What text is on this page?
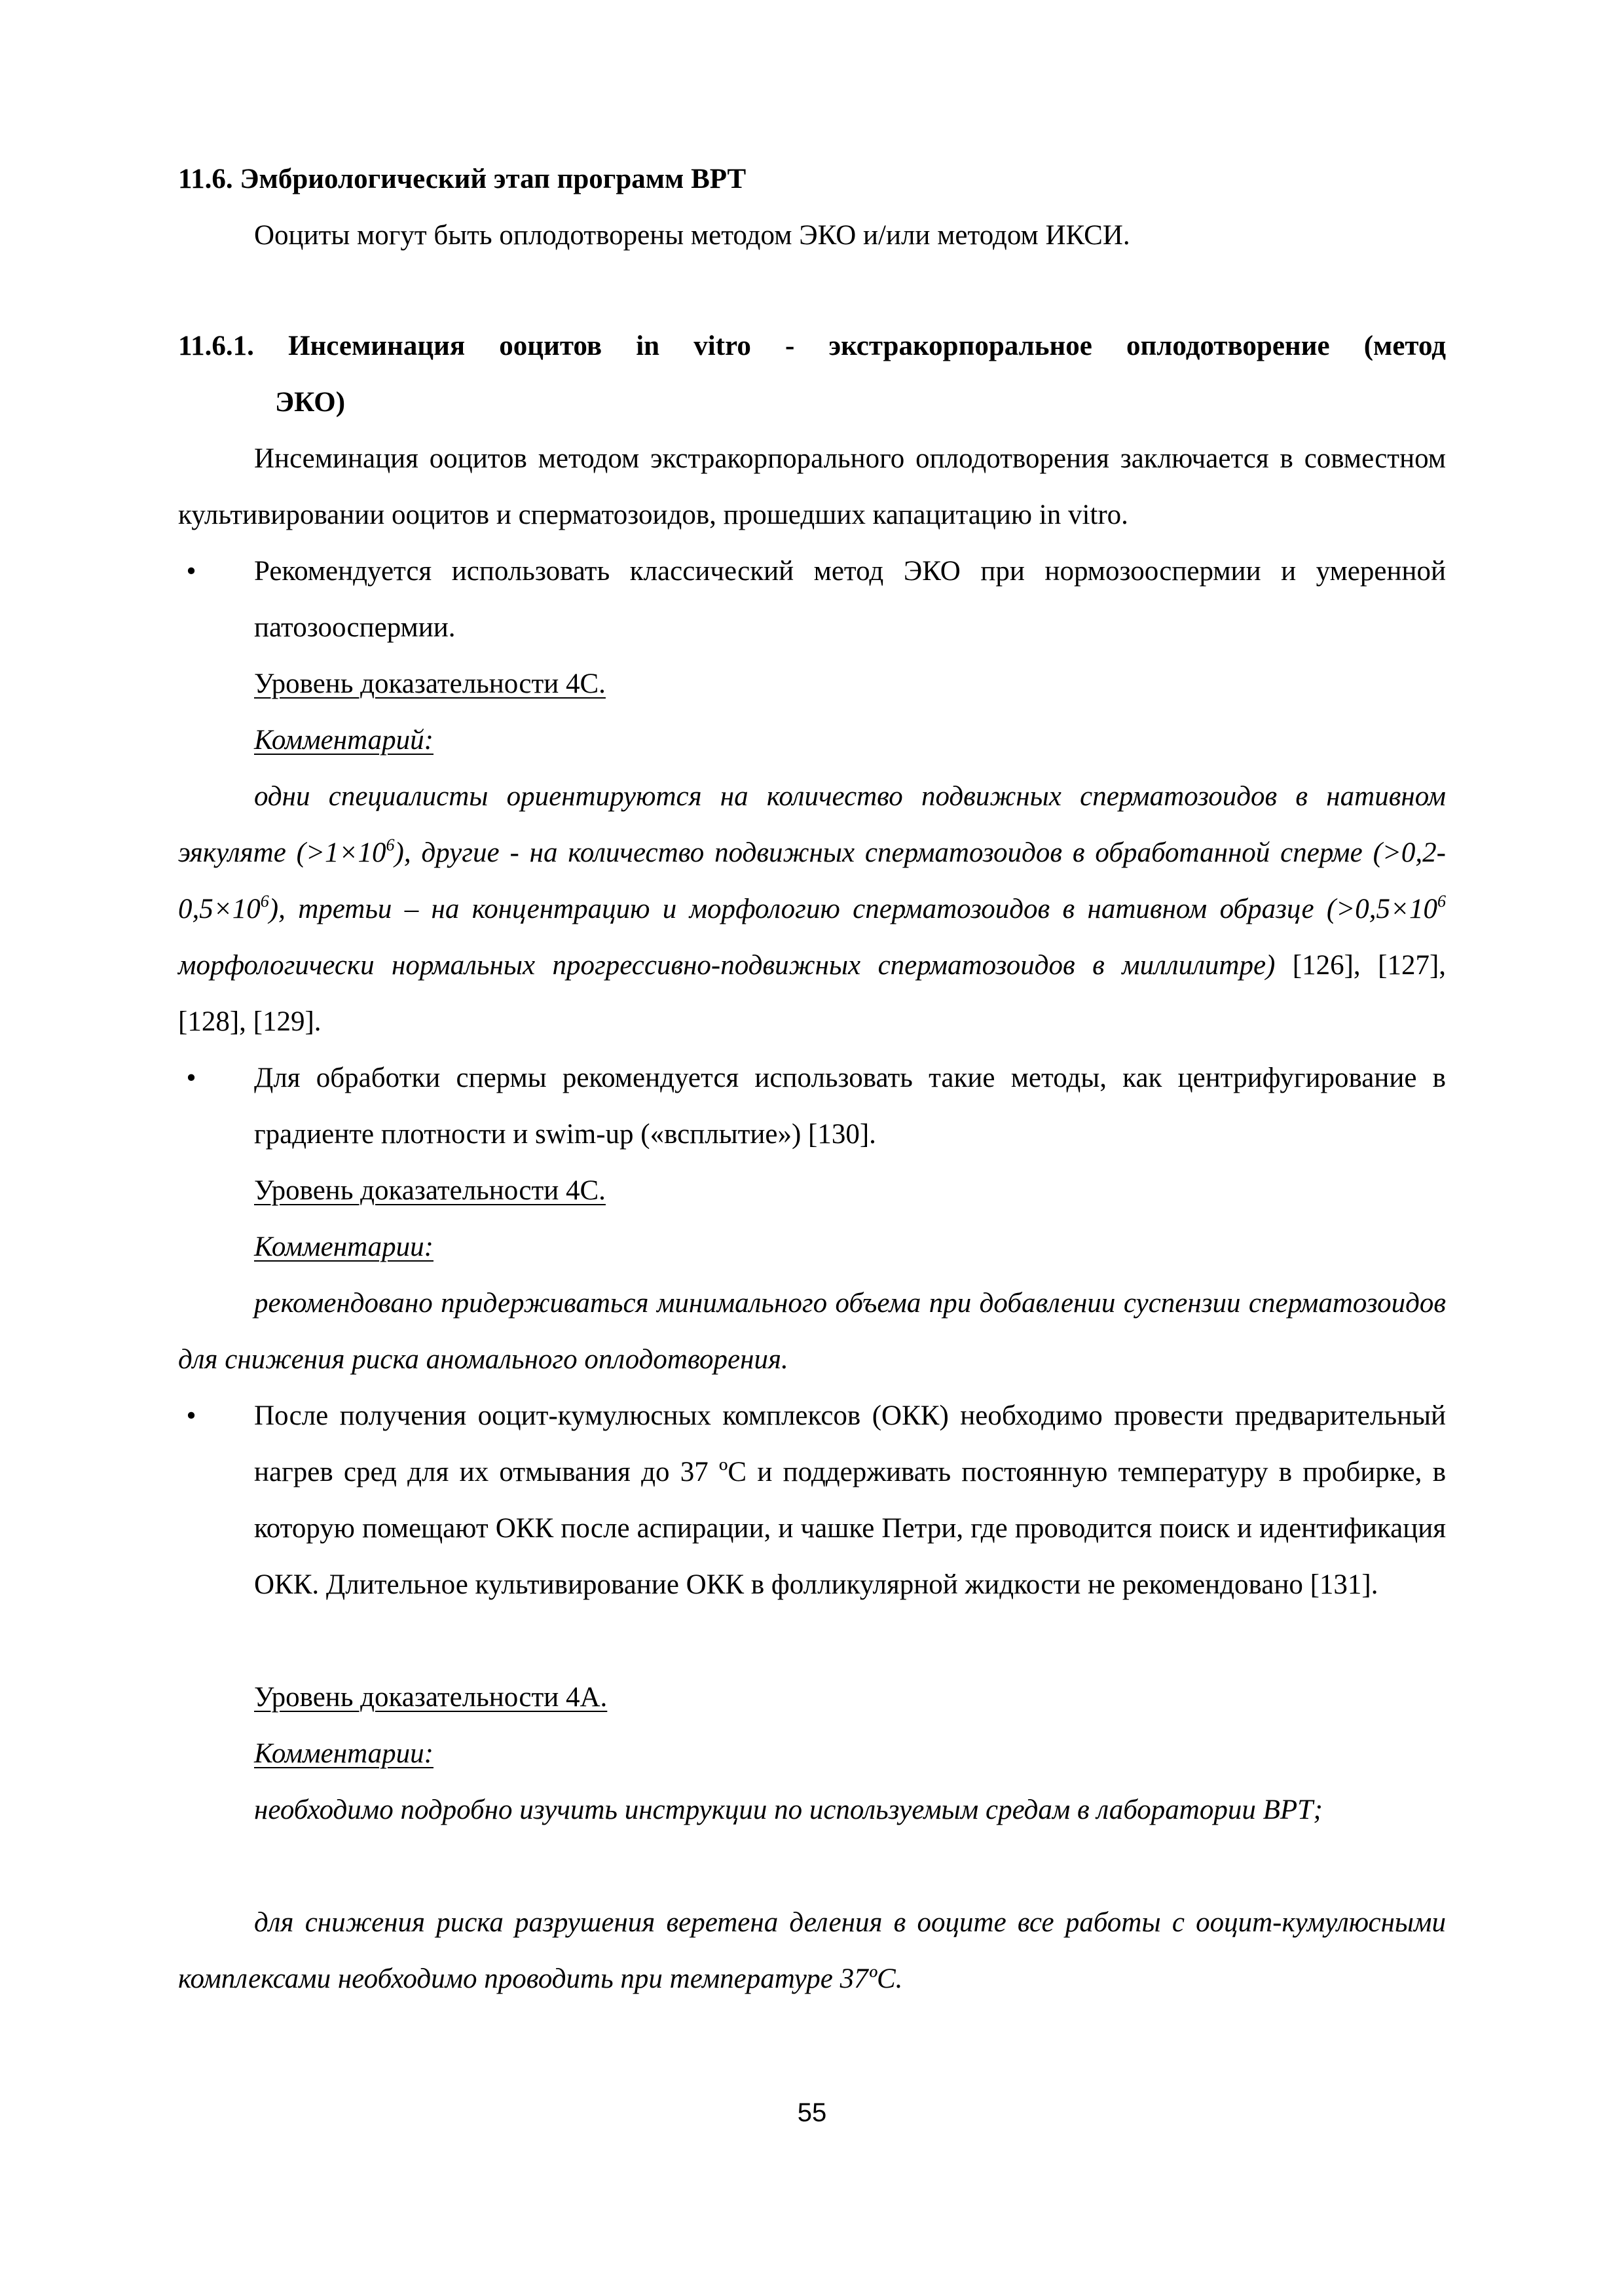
11.6. Эмбриологический этап программ ВРТ

Ооциты могут быть оплодотворены методом ЭКО и/или методом ИКСИ.

11.6.1. Инсеминация ооцитов in vitro - экстракорпоральное оплодотворение (метод
ЭКО)

Инсеминация ооцитов методом экстракорпорального оплодотворения заключается в совместном культивировании ооцитов и сперматозоидов, прошедших капацитацию in vitro.

• Рекомендуется использовать классический метод ЭКО при нормозооспермии и умеренной патозооспермии.

Уровень доказательности 4С.

Комментарий:

одни специалисты ориентируются на количество подвижных сперматозоидов в нативном эякуляте $(>1\times 10^6)$, другие - на количество подвижных сперматозоидов в обработанной сперме $(>0,2-0,5\times 10^6)$, третьи – на концентрацию и морфологию сперматозоидов в нативном образце ($>0,5\times 10^6$ морфологически нормальных прогрессивно-подвижных сперматозоидов в миллилитре) [126], [127], [128], [129].

• Для обработки спермы рекомендуется использовать такие методы, как центрифугирование в градиенте плотности и swim-up («всплытие») [130].

Уровень доказательности 4С.

Комментарии:

рекомендовано придерживаться минимального объема при добавлении суспензии сперматозоидов для снижения риска аномального оплодотворения.

• После получения ооцит-кумулюсных комплексов (ОКК) необходимо провести предварительный нагрев сред для их отмывания до 37 ºС и поддерживать постоянную температуру в пробирке, в которую помещают ОКК после аспирации, и чашке Петри, где проводится поиск и идентификация ОКК. Длительное культивирование ОКК в фолликулярной жидкости не рекомендовано [131].

Уровень доказательности 4А.

Комментарии:

необходимо подробно изучить инструкции по используемым средам в лаборатории ВРТ;

для снижения риска разрушения веретена деления в ооците все работы с ооцит-кумулюсными комплексами необходимо проводить при температуре 37ºС.

55
